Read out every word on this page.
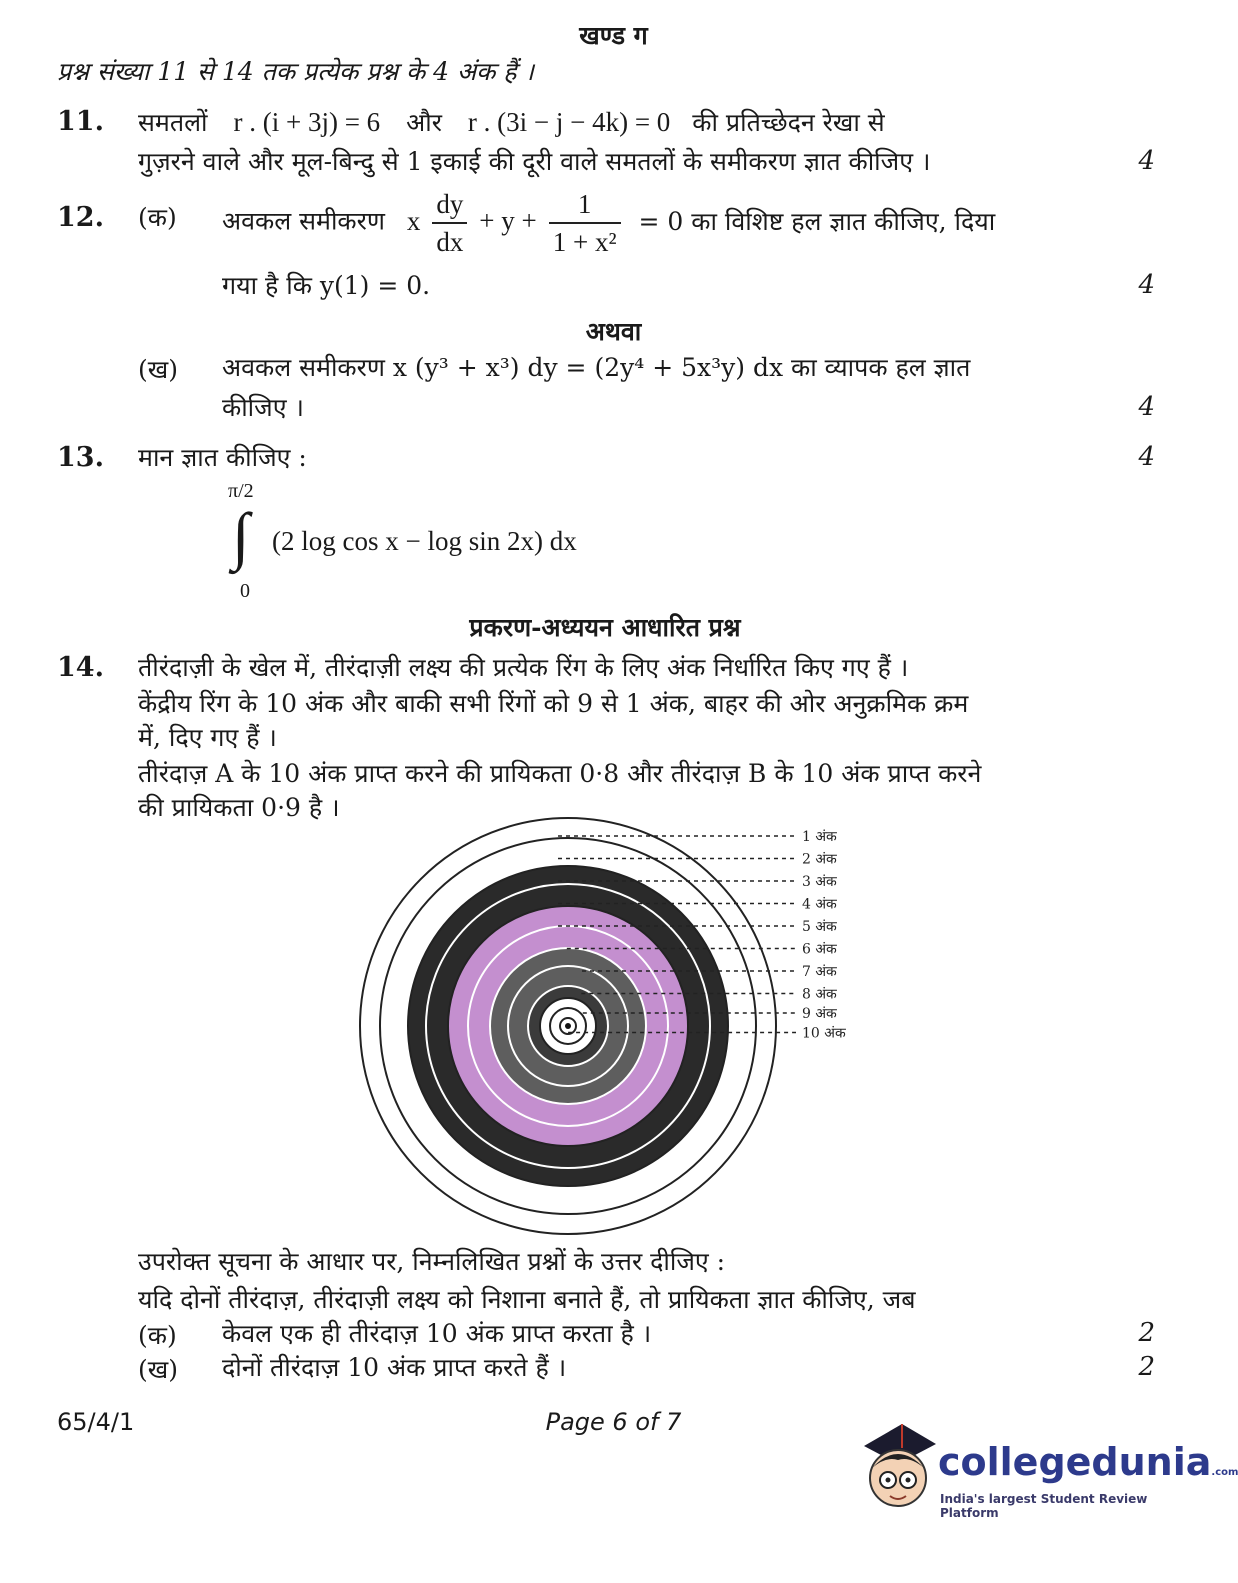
खण्ड ग
प्रश्न संख्या 11 से 14 तक प्रत्येक प्रश्न के 4 अंक हैं ।
11. समतलों r . (i + 3j) = 6 और r . (3i − j − 4k) = 0 की प्रतिच्छेदन रेखा से
गुज़रने वाले और मूल-बिन्दु से 1 इकाई की दूरी वाले समतलों के समीकरण ज्ञात कीजिए ।	4
12. (क) अवकल समीकरण x $\frac{dy}{dx} + y + \frac{1}{\text{1 + x²}} = 0$ का विशिष्ट हल ज्ञात कीजिए, दिया
गया है कि y(1) = 0.	4
अथवा
(ख) अवकल समीकरण x (y³ + x³) dy = (2y⁴ + 5x³y) dx का व्यापक हल ज्ञात
कीजिए ।	4
13. मान ज्ञात कीजिए :	4
π/2
∫
0
(2 log cos x − log sin 2x) dx
प्रकरण-अध्ययन आधारित प्रश्न
14. तीरंदाज़ी के खेल में, तीरंदाज़ी लक्ष्य की प्रत्येक रिंग के लिए अंक निर्धारित किए गए हैं ।
केंद्रीय रिंग के 10 अंक और बाकी सभी रिंगों को 9 से 1 अंक, बाहर की ओर अनुक्रमिक क्रम
में, दिए गए हैं ।
तीरंदाज़ A के 10 अंक प्राप्त करने की प्रायिकता 0·8 और तीरंदाज़ B के 10 अंक प्राप्त करने
की प्रायिकता 0·9 है ।
1 अंक
2 अंक
3 अंक
4 अंक
5 अंक
6 अंक
7 अंक
8 अंक
9 अंक
10 अंक
उपरोक्त सूचना के आधार पर, निम्नलिखित प्रश्नों के उत्तर दीजिए :
यदि दोनों तीरंदाज़, तीरंदाज़ी लक्ष्य को निशाना बनाते हैं, तो प्रायिकता ज्ञात कीजिए, जब
(क) केवल एक ही तीरंदाज़ 10 अंक प्राप्त करता है ।	2
(ख) दोनों तीरंदाज़ 10 अंक प्राप्त करते हैं ।	2
65/4/1	Page 6 of 7
collegedunia.com
India's largest Student Review Platform
